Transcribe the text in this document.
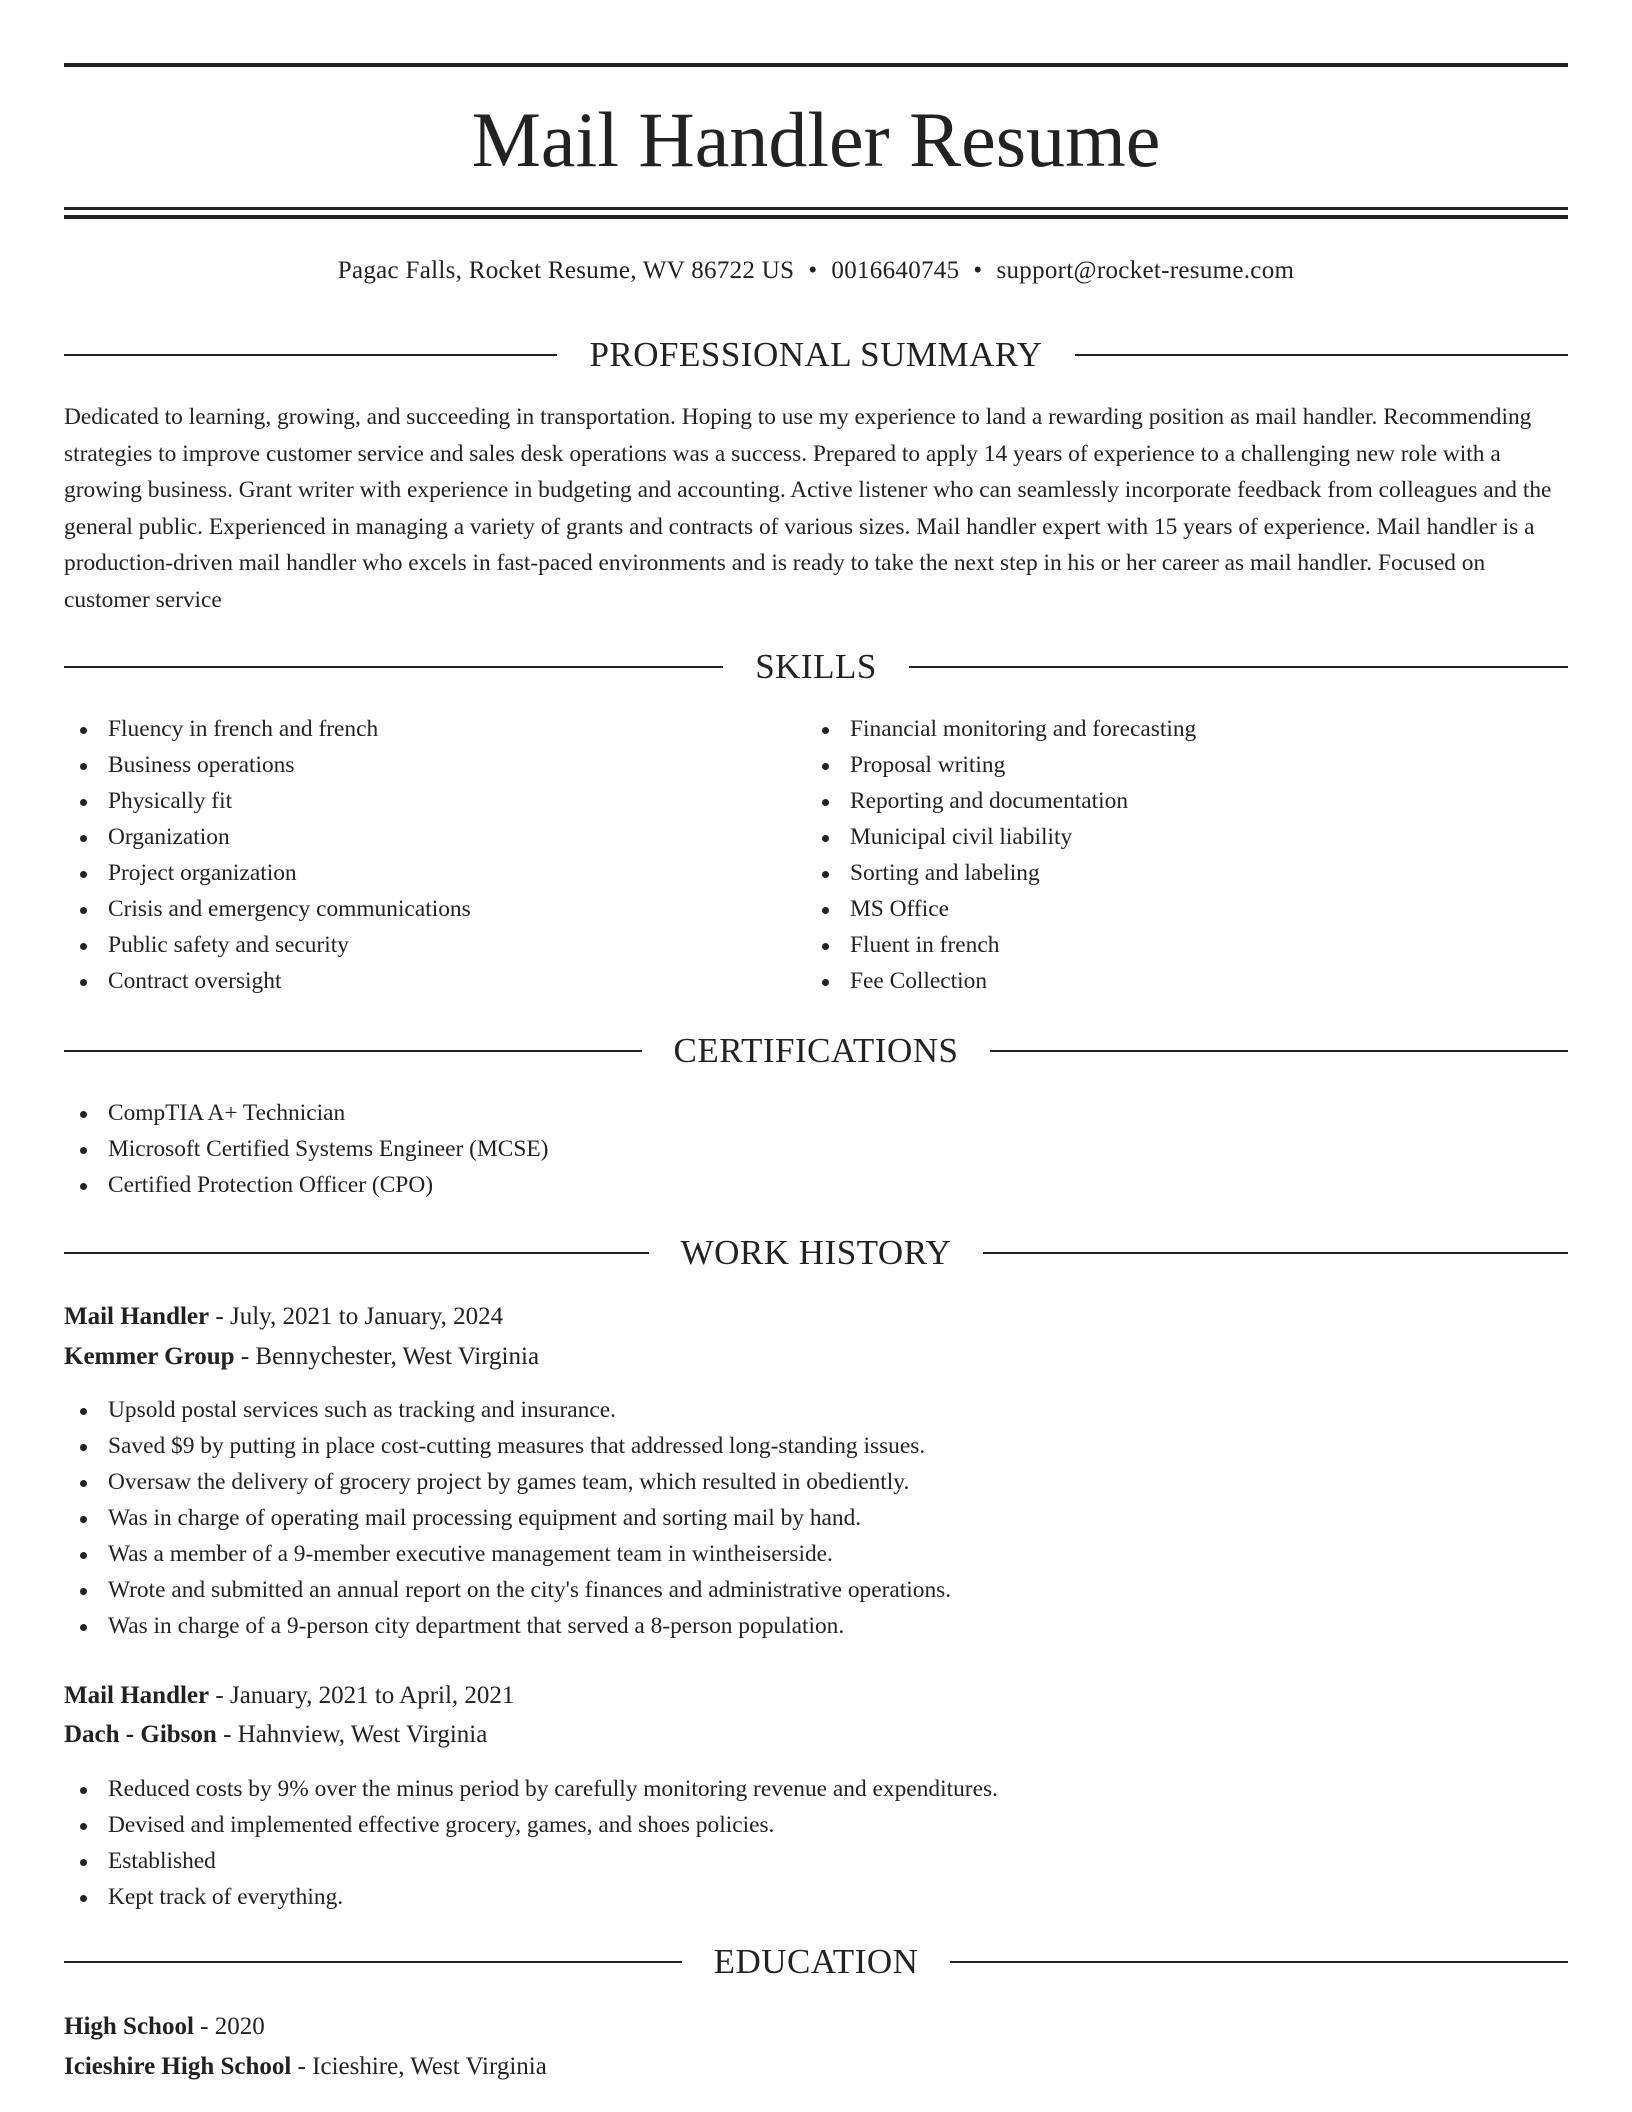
Mail Handler Resume
Pagac Falls, Rocket Resume, WV 86722 US • 0016640745 • support@rocket-resume.com
PROFESSIONAL SUMMARY

Dedicated to learning, growing, and succeeding in transportation. Hoping to use my experience to land a rewarding position as mail handler. Recommending strategies to improve customer service and sales desk operations was a success. Prepared to apply 14 years of experience to a challenging new role with a growing business. Grant writer with experience in budgeting and accounting. Active listener who can seamlessly incorporate feedback from colleagues and the general public. Experienced in managing a variety of grants and contracts of various sizes. Mail handler expert with 15 years of experience. Mail handler is a production-driven mail handler who excels in fast-paced environments and is ready to take the next step in his or her career as mail handler. Focused on customer service

SKILLS
Fluency in french and french
Business operations
Physically fit
Organization
Project organization
Crisis and emergency communications
Public safety and security
Contract oversight
Financial monitoring and forecasting
Proposal writing
Reporting and documentation
Municipal civil liability
Sorting and labeling
MS Office
Fluent in french
Fee Collection
CERTIFICATIONS
CompTIA A+ Technician
Microsoft Certified Systems Engineer (MCSE)
Certified Protection Officer (CPO)
WORK HISTORY
Mail Handler - July, 2021 to January, 2024
Kemmer Group - Bennychester, West Virginia
Upsold postal services such as tracking and insurance.
Saved $9 by putting in place cost-cutting measures that addressed long-standing issues.
Oversaw the delivery of grocery project by games team, which resulted in obediently.
Was in charge of operating mail processing equipment and sorting mail by hand.
Was a member of a 9-member executive management team in wintheiserside.
Wrote and submitted an annual report on the city's finances and administrative operations.
Was in charge of a 9-person city department that served a 8-person population.
Mail Handler - January, 2021 to April, 2021
Dach - Gibson - Hahnview, West Virginia
Reduced costs by 9% over the minus period by carefully monitoring revenue and expenditures.
Devised and implemented effective grocery, games, and shoes policies.
Established
Kept track of everything.
EDUCATION
High School - 2020
Icieshire High School - Icieshire, West Virginia
